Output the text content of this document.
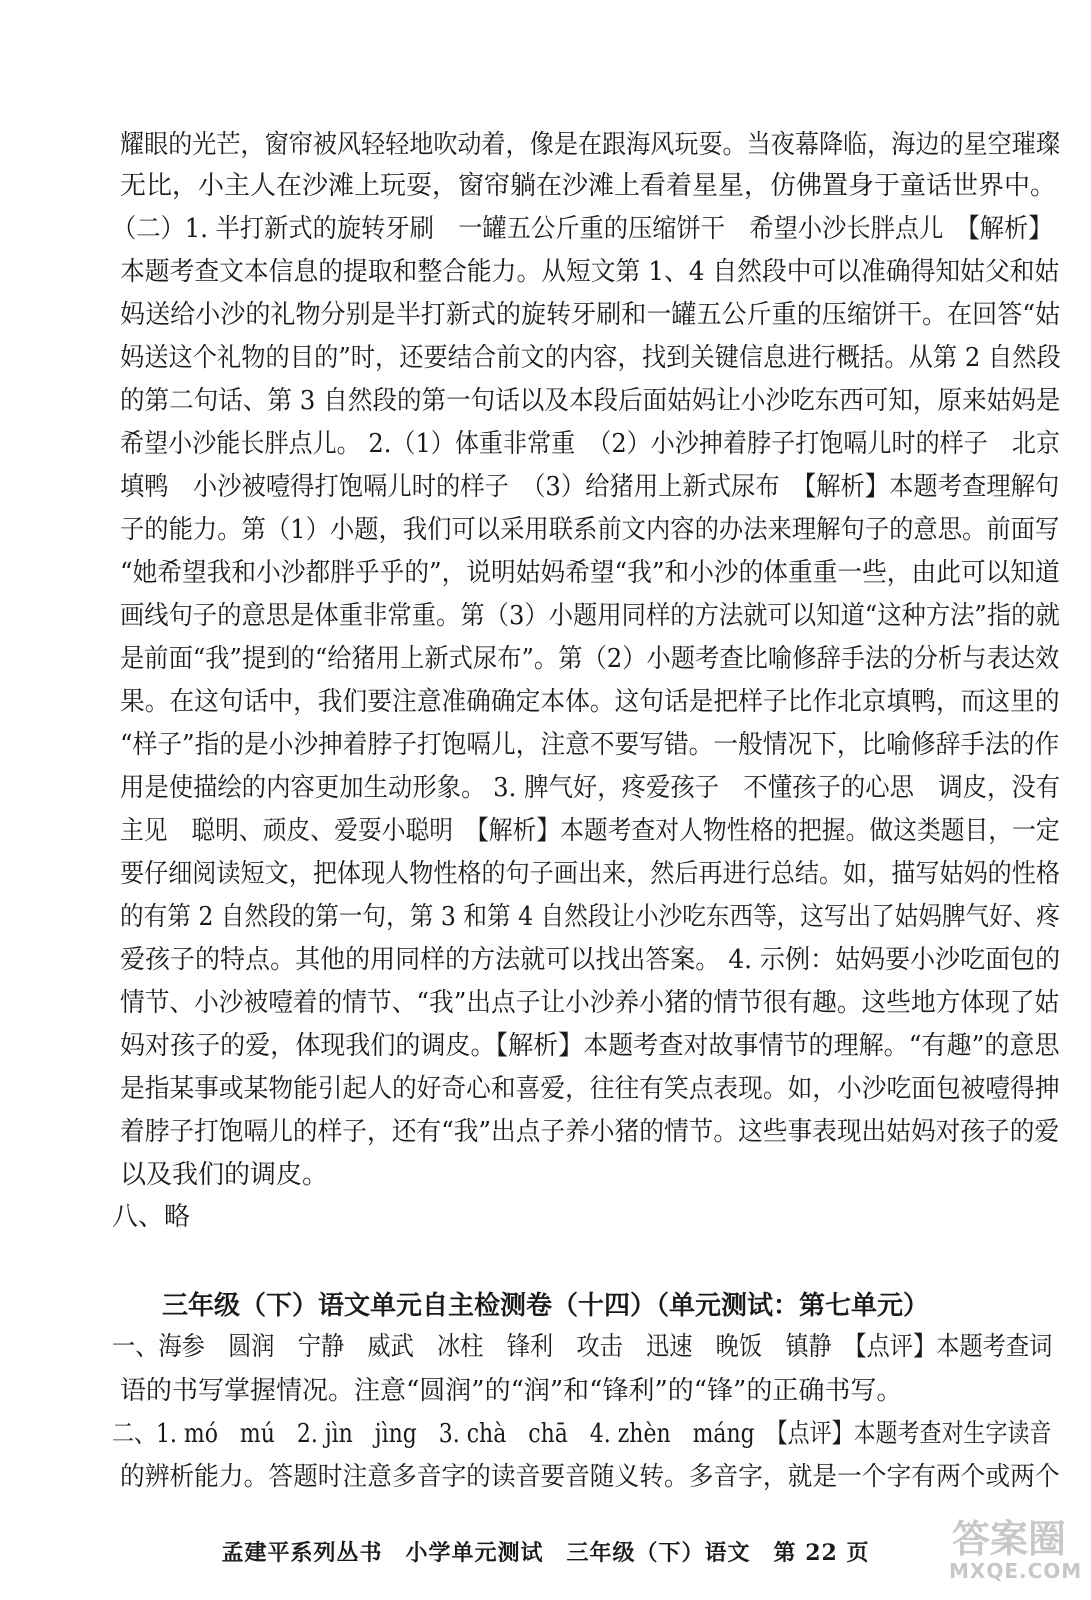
耀眼的光芒，窗帘被风轻轻地吹动着，像是在跟海风玩耍。当夜幕降临，海边的星空璀璨
无比，小主人在沙滩上玩耍，窗帘躺在沙滩上看着星星，仿佛置身于童话世界中。
（二）1. 半打新式的旋转牙刷　一罐五公斤重的压缩饼干　希望小沙长胖点儿　【解析】
本题考查文本信息的提取和整合能力。从短文第 1、4 自然段中可以准确得知姑父和姑
妈送给小沙的礼物分别是半打新式的旋转牙刷和一罐五公斤重的压缩饼干。在回答“姑
妈送这个礼物的目的”时，还要结合前文的内容，找到关键信息进行概括。从第 2 自然段
的第二句话、第 3 自然段的第一句话以及本段后面姑妈让小沙吃东西可知，原来姑妈是
希望小沙能长胖点儿。 2.（1）体重非常重　（2）小沙抻着脖子打饱嗝儿时的样子　北京
填鸭　小沙被噎得打饱嗝儿时的样子　（3）给猪用上新式尿布　【解析】本题考查理解句
子的能力。第（1）小题，我们可以采用联系前文内容的办法来理解句子的意思。前面写
“她希望我和小沙都胖乎乎的”，说明姑妈希望“我”和小沙的体重重一些，由此可以知道
画线句子的意思是体重非常重。第（3）小题用同样的方法就可以知道“这种方法”指的就
是前面“我”提到的“给猪用上新式尿布”。第（2）小题考查比喻修辞手法的分析与表达效
果。在这句话中，我们要注意准确确定本体。这句话是把样子比作北京填鸭，而这里的
“样子”指的是小沙抻着脖子打饱嗝儿，注意不要写错。一般情况下，比喻修辞手法的作
用是使描绘的内容更加生动形象。 3. 脾气好，疼爱孩子　不懂孩子的心思　调皮，没有
主见　聪明、顽皮、爱耍小聪明　【解析】本题考查对人物性格的把握。做这类题目，一定
要仔细阅读短文，把体现人物性格的句子画出来，然后再进行总结。如，描写姑妈的性格
的有第 2 自然段的第一句，第 3 和第 4 自然段让小沙吃东西等，这写出了姑妈脾气好、疼
爱孩子的特点。其他的用同样的方法就可以找出答案。 4. 示例：姑妈要小沙吃面包的
情节、小沙被噎着的情节、“我”出点子让小沙养小猪的情节很有趣。这些地方体现了姑
妈对孩子的爱，体现我们的调皮。【解析】本题考查对故事情节的理解。“有趣”的意思
是指某事或某物能引起人的好奇心和喜爱，往往有笑点表现。如，小沙吃面包被噎得抻
着脖子打饱嗝儿的样子，还有“我”出点子养小猪的情节。这些事表现出姑妈对孩子的爱
以及我们的调皮。
八、略
三年级（下）语文单元自主检测卷（十四）（单元测试：第七单元）
一、海参　圆润　宁静　威武　冰柱　锋利　攻击　迅速　晚饭　镇静　【点评】本题考查词
语的书写掌握情况。注意“圆润”的“润”和“锋利”的“锋”的正确书写。
二、1. mó　mú　2. jìn　jìng　3. chà　chā　4. zhèn　máng　【点评】本题考查对生字读音
的辨析能力。答题时注意多音字的读音要音随义转。多音字，就是一个字有两个或两个
孟建平系列丛书　小学单元测试　三年级（下）语文　第 22 页	答案圈
MXQE.COM
